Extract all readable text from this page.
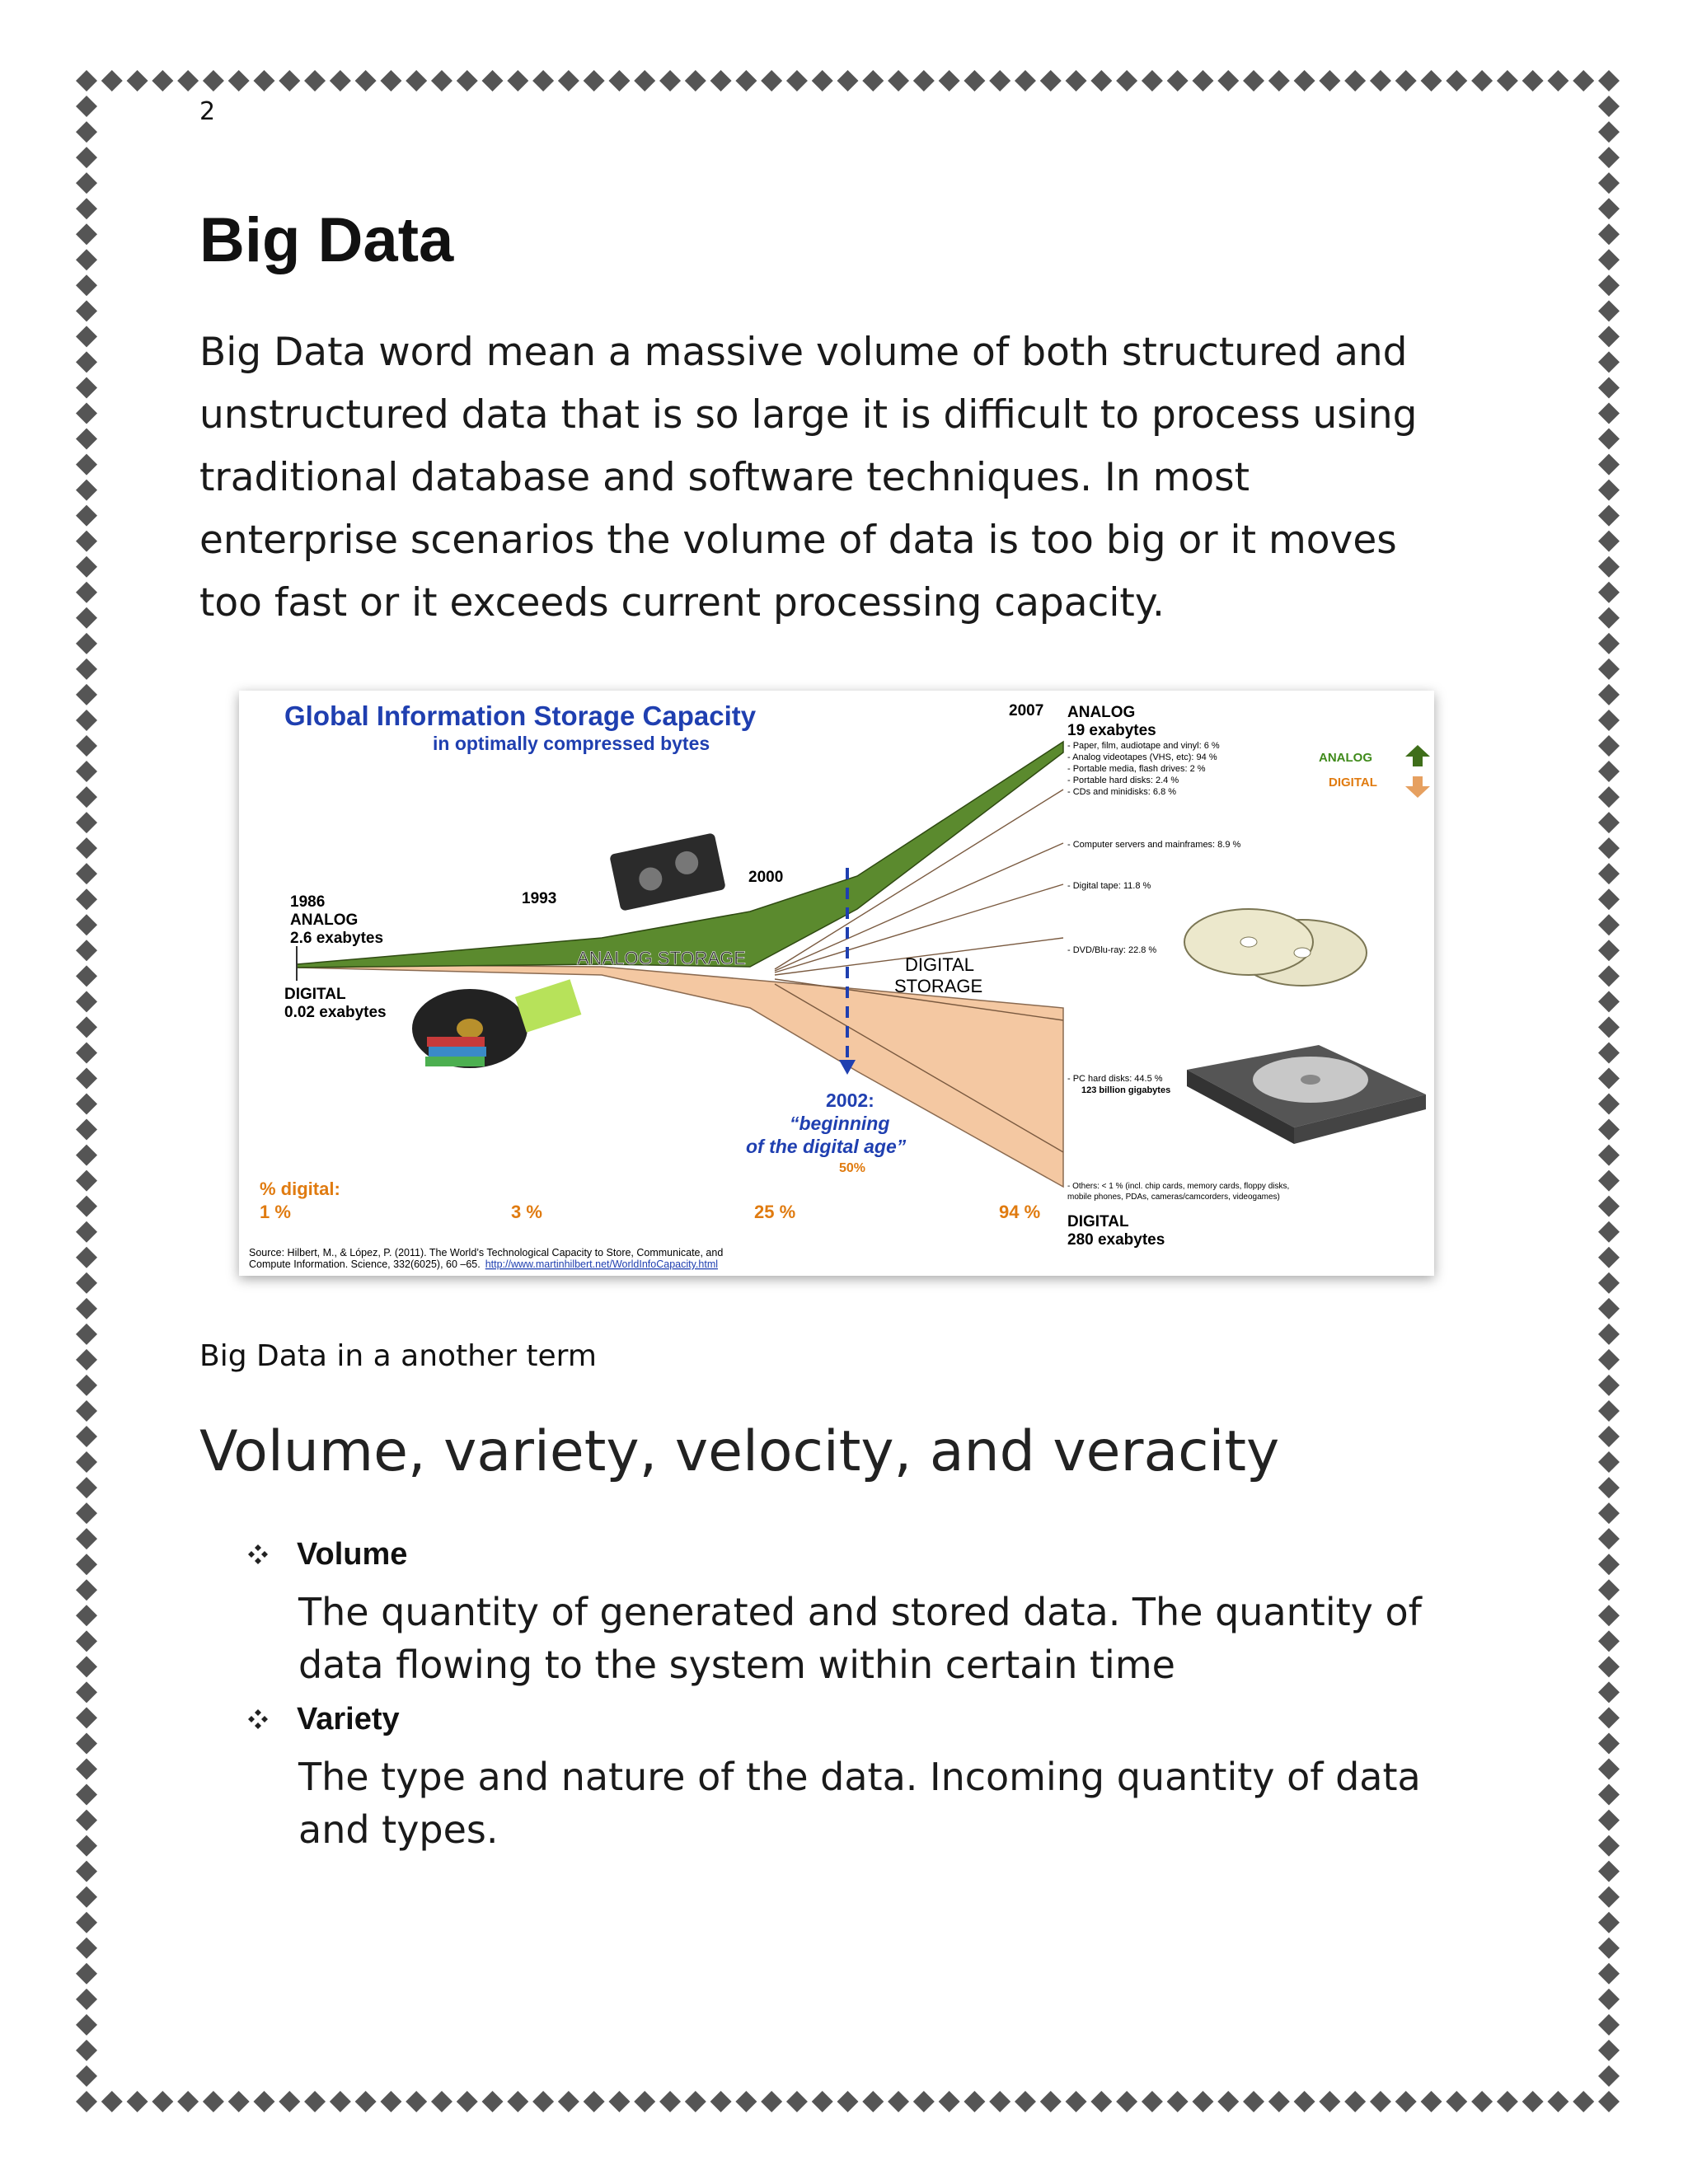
2
Big Data

Big Data word mean a massive volume of both structured and unstructured data that is so large it is difficult to process using traditional database and software techniques. In most enterprise scenarios the volume of data is too big or it moves too fast or it exceeds current processing capacity.

Global Information Storage Capacity
in optimally compressed bytes
1986
ANALOG
2.6 exabytes
DIGITAL
0.02 exabytes
1993
2000
2007
ANALOG STORAGE	DIGITAL
STORAGE
2002:
“beginning
of the digital age”
50%
% digital:
1 %	3 %	25 %	94 %
ANALOG
19 exabytes
- Paper, film, audiotape and vinyl: 6 %
- Analog videotapes (VHS, etc): 94 %
- Portable media, flash drives: 2 %
- Portable hard disks: 2.4 %
- CDs and minidisks: 6.8 %
ANALOG
DIGITAL
- Computer servers and mainframes: 8.9 %
- Digital tape: 11.8 %
- DVD/Blu-ray: 22.8 %
- PC hard disks: 44.5 %
123 billion gigabytes
- Others: < 1 % (incl. chip cards, memory cards, floppy disks,
mobile phones, PDAs, cameras/camcorders, videogames)
DIGITAL
280 exabytes
Source: Hilbert, M., & López, P. (2011). The World’s Technological Capacity to Store, Communicate, and
Compute Information. Science, 332(6025), 60 –65. http://www.martinhilbert.net/WorldInfoCapacity.html
Big Data in a another term
Volume, variety, velocity, and veracity
Volume

The quantity of generated and stored data. The quantity of data flowing to the system within certain time

Variety

The type and nature of the data. Incoming quantity of data and types.
